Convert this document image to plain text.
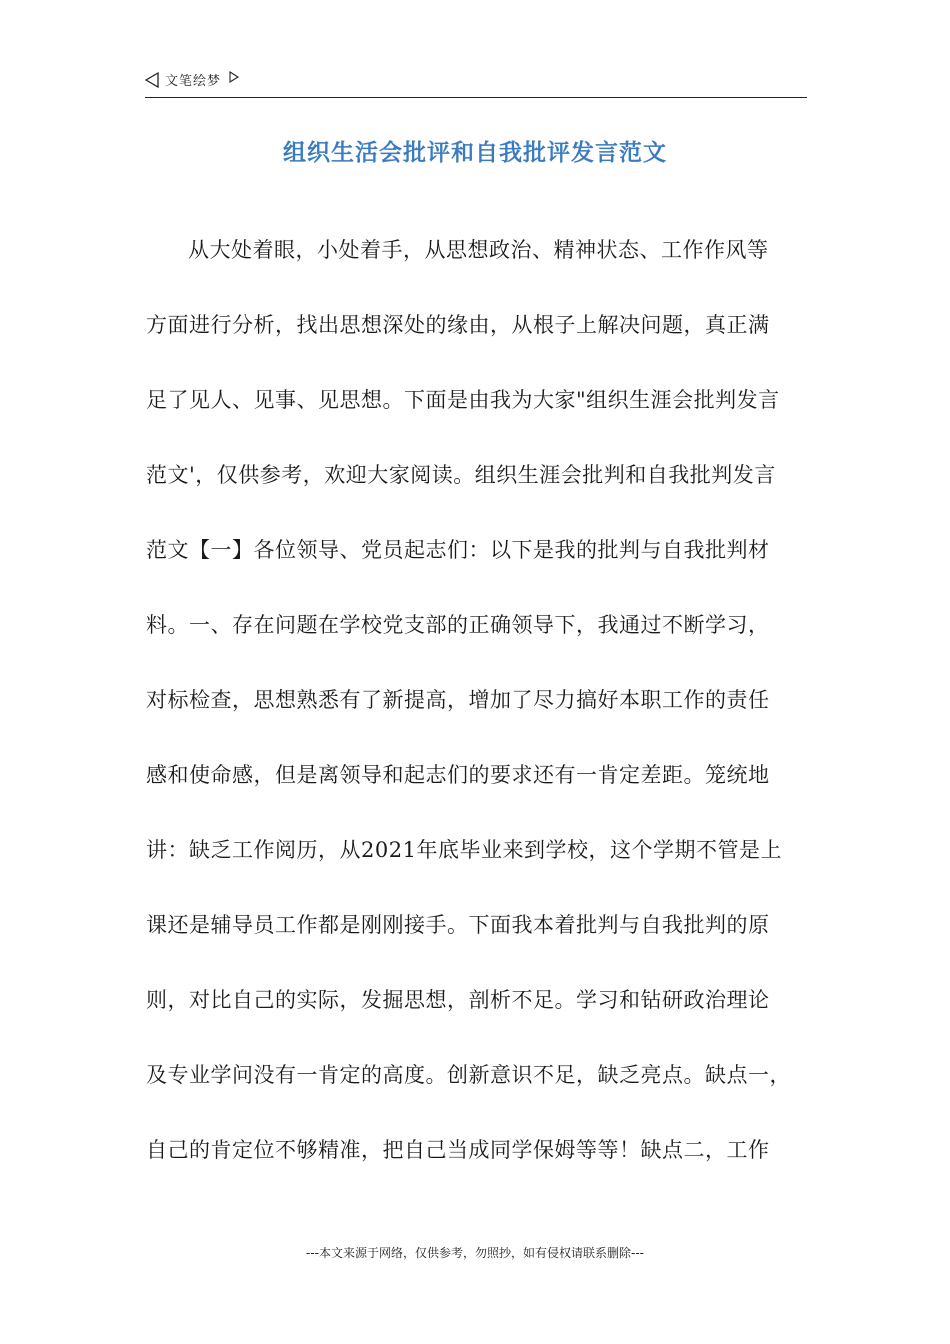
文笔绘梦
组织生活会批评和自我批评发言范文
从大处着眼，小处着手，从思想政治、精神状态、工作作风等
方面进行分析，找出思想深处的缘由，从根子上解决问题，真正满
足了见人、见事、见思想。下面是由我为大家"组织生涯会批判发言
范文'，仅供参考，欢迎大家阅读。组织生涯会批判和自我批判发言
范文【一】各位领导、党员起志们：以下是我的批判与自我批判材
料。一、存在问题在学校党支部的正确领导下，我通过不断学习，
对标检查，思想熟悉有了新提高，增加了尽力搞好本职工作的责任
感和使命感，但是离领导和起志们的要求还有一肯定差距。笼统地
讲：缺乏工作阅历，从2021年底毕业来到学校，这个学期不管是上
课还是辅导员工作都是刚刚接手。下面我本着批判与自我批判的原
则，对比自己的实际，发掘思想，剖析不足。学习和钻研政治理论
及专业学问没有一肯定的高度。创新意识不足，缺乏亮点。缺点一，
自己的肯定位不够精准，把自己当成同学保姆等等！缺点二，工作
---本文来源于网络，仅供参考，勿照抄，如有侵权请联系删除---
